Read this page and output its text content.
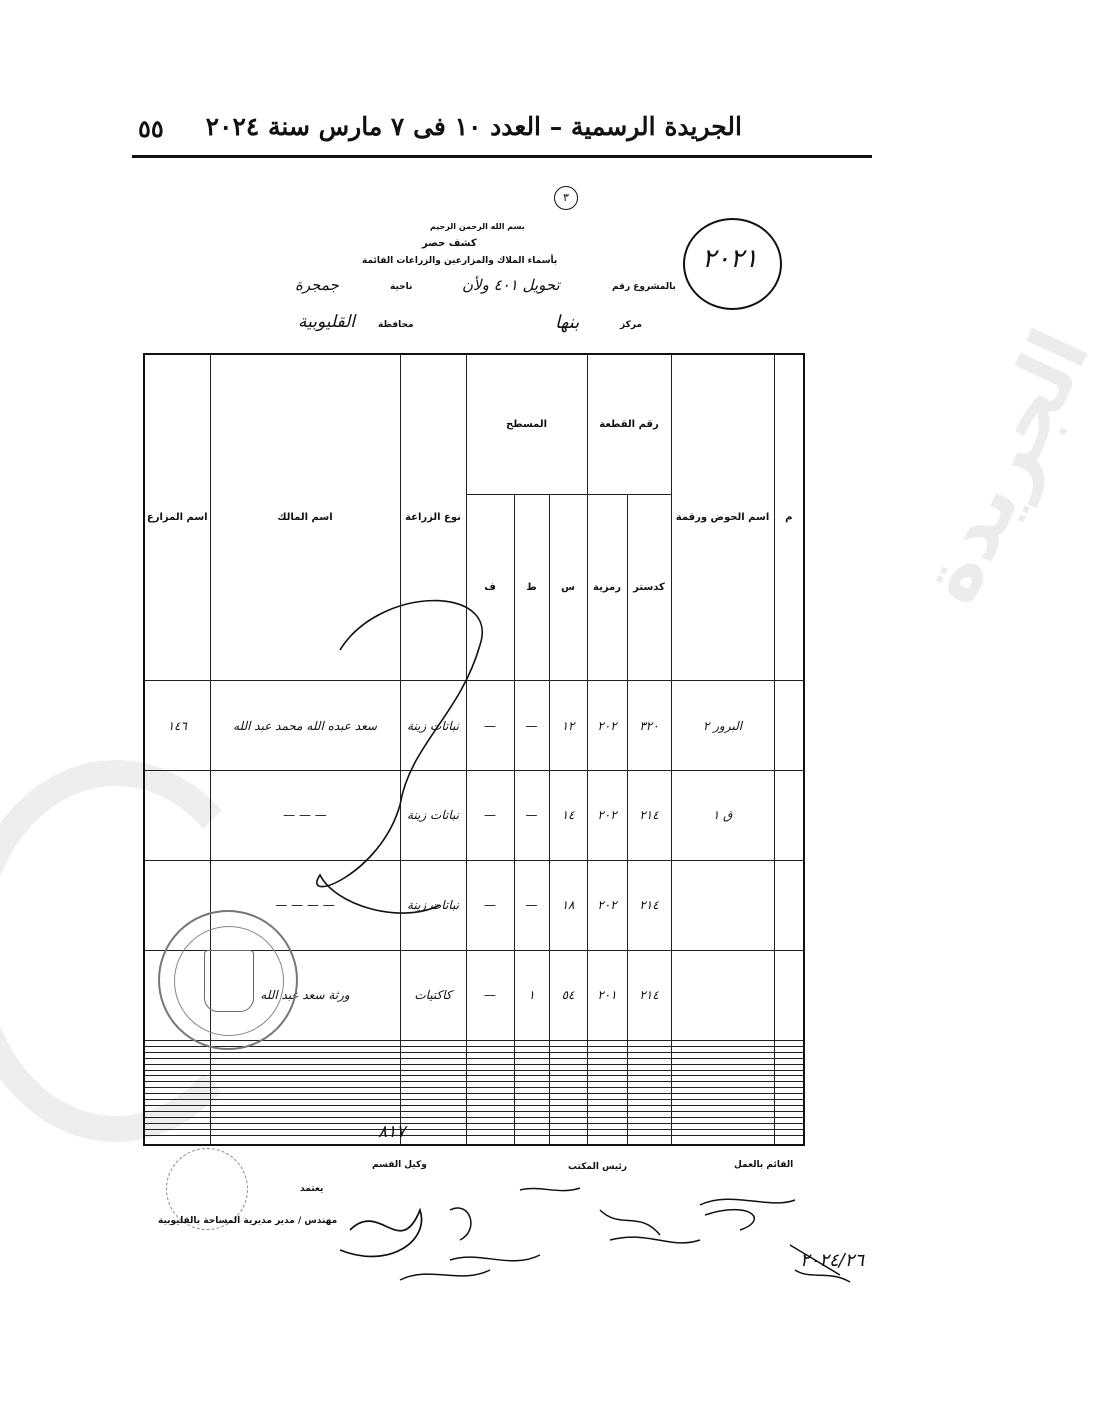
الجريدة
الجريدة الرسمية – العدد ١٠ فى ٧ مارس سنة ٢٠٢٤
٥٥
٣
بسم الله الرحمن الرحيم
كشف حصر
بأسماء الملاك والمزارعين والزراعات القائمة
بالمشروع رقم
تحويل ٤٠١ ولأن
ناحية
جمجرة
مركز
بنها
محافظة
القليوبية
٢٠٢١
م	اسم الحوض ورقمة	رقم القطعة		المسطح			نوع الزراعة	اسم المالك	اسم المزارع
		كدستر	رمزية	س	ط	ف			
	البرور ٢	٣٢٠	٢٠٢	١٢	—	—	نباتات زينة	سعد عبده الله محمد عبد الله	١٤٦
	ق ١	٢١٤	٢٠٢	١٤	—	—	نباتات زينة	— — —	
		٢١٤	٢٠٢	١٨	—	—	نباتات زينة	— — — —	
		٢١٤	٢٠١	٥٤	١	—	كاكتيات	ورثة سعد عبد الله	

٨١٧
القائم بالعمل
رئيس المكتب
وكيل القسم
يعتمد
مهندس / مدير مديرية المساحة بالقليوبية
٢٠٢٤/٢٦
